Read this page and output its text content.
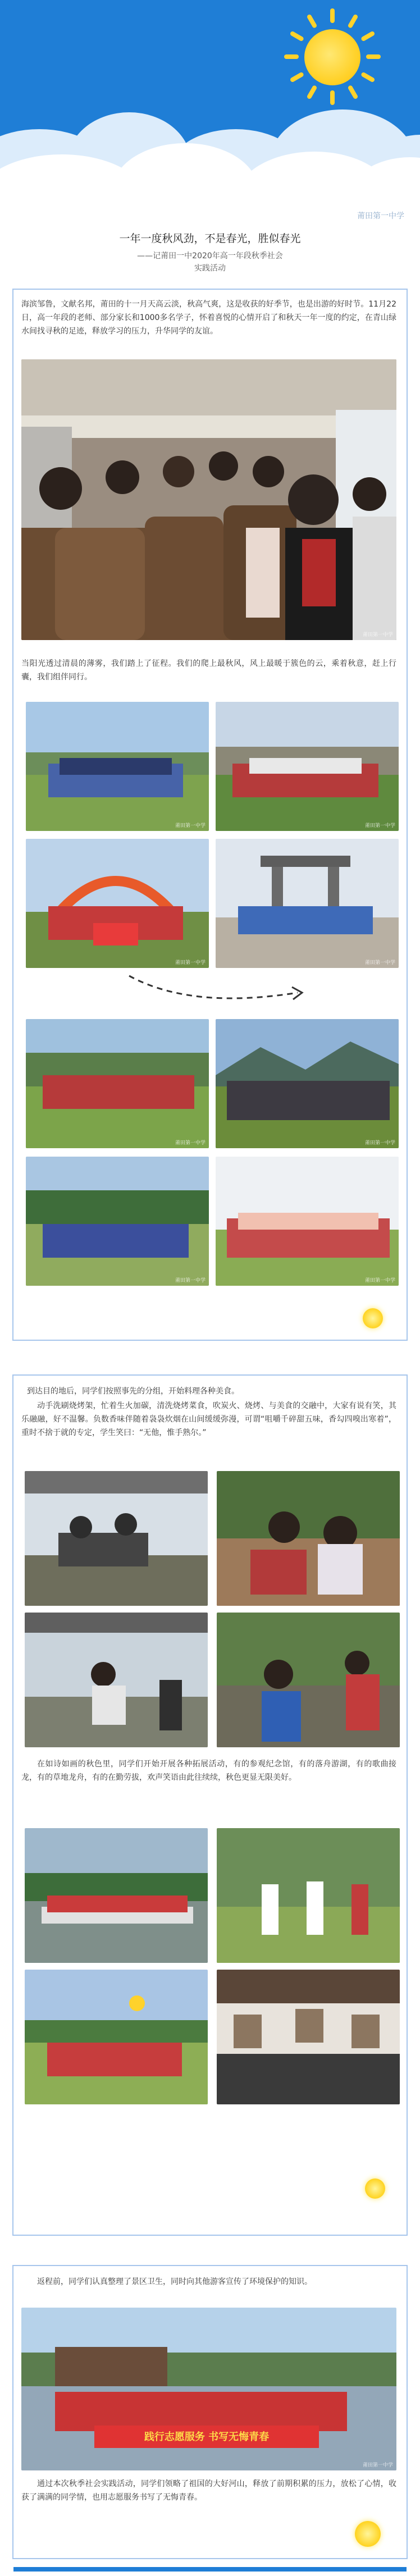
莆田第一中学

一年一度秋风劲，不是春光，胜似春光

——记莆田一中2020年高一年段秋季社会

实践活动

海滨邹鲁，文献名邦，莆田的十一月天高云淡，秋高气爽，这是收获的好季节，也是出游的好时节。11月22日，高一年段的老师、部分家长和1000多名学子，怀着喜悦的心情开启了和秋天一年一度的约定，在青山绿水间找寻秋的足迹，释放学习的压力，升华同学的友谊。
莆田第一中学
当阳光透过清晨的薄雾，我们踏上了征程。我们的爬上最秋风，风上最暖于簇色的云，乘着秋意，赶上行囊，我们组伴同行。
莆田第一中学	莆田第一中学
莆田第一中学	莆田第一中学
莆田第一中学	莆田第一中学
莆田第一中学	莆田第一中学
到达目的地后，同学们按照事先的分组，开始料理各种美食。
动手洗刷烧烤架，忙着生火加碳，清洗烧烤菜食，吹炭火、烧烤、与美食的交融中，大家有说有笑，其乐融融，好不温馨。负数香味伴随着袅袅炊烟在山间缓缓弥漫，可谓“咀嚼千碎甜五味，香勾四嗅出寒着”，重时不捨于就的专定，学生笑曰：“无他，惟手熟尔。”
在如诗如画的秋色里，同学们开始开展各种拓展活动，有的参观纪念馆，有的落舟游湖，有的歌曲接龙，有的草地龙舟，有的在勤劳拔，欢声笑语由此往续续，秋色更显无限美好。
返程前，同学们认真整理了景区卫生，同时向其他游客宣传了环境保护的知识。
践行志愿服务 书写无悔青春
莆田第一中学
通过本次秋季社会实践活动，同学们领略了祖国的大好河山，释放了前期积累的压力，放松了心情，收获了满满的同学情，也用志愿服务书写了无悔青春。
